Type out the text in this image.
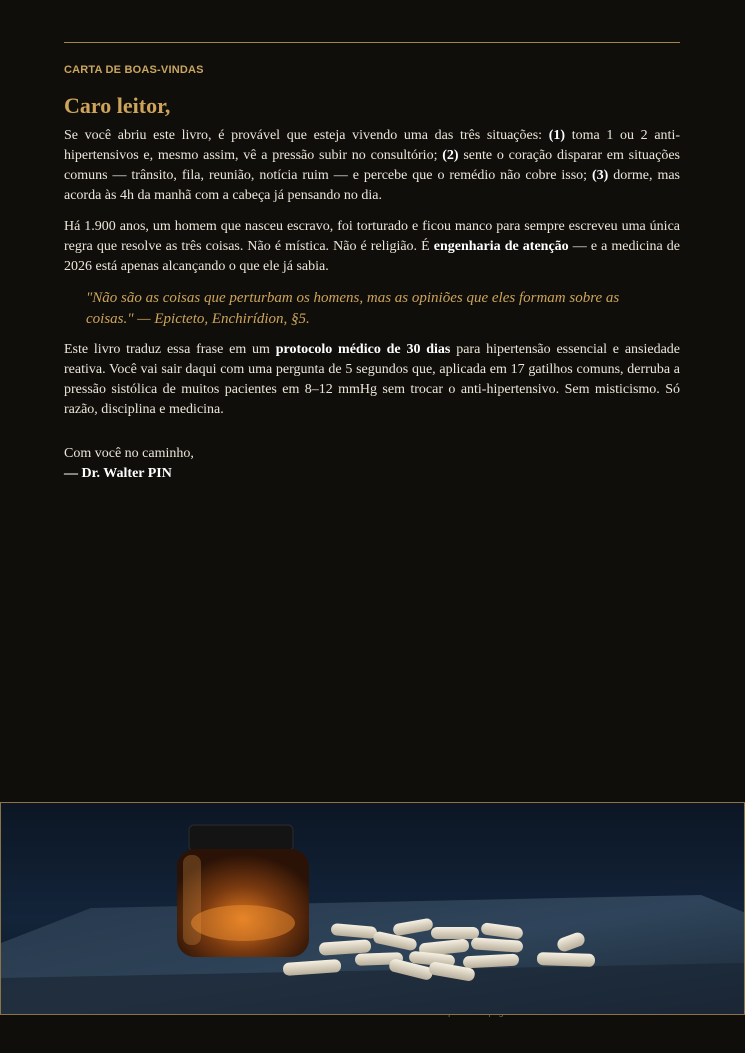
CARTA DE BOAS-VINDAS
Caro leitor,

Se você abriu este livro, é provável que esteja vivendo uma das três situações: (1) toma 1 ou 2 anti-hipertensivos e, mesmo assim, vê a pressão subir no consultório; (2) sente o coração disparar em situações comuns — trânsito, fila, reunião, notícia ruim — e percebe que o remédio não cobre isso; (3) dorme, mas acorda às 4h da manhã com a cabeça já pensando no dia.

Há 1.900 anos, um homem que nasceu escravo, foi torturado e ficou manco para sempre escreveu uma única regra que resolve as três coisas. Não é mística. Não é religião. É engenharia de atenção — e a medicina de 2026 está apenas alcançando o que ele já sabia.

"Não são as coisas que perturbam os homens, mas as opiniões que eles formam sobre as coisas." — Epicteto, Enchirídion, §5.

Este livro traduz essa frase em um protocolo médico de 30 dias para hipertensão essencial e ansiedade reativa. Você vai sair daqui com uma pergunta de 5 segundos que, aplicada em 17 gatilhos comuns, derruba a pressão sistólica de muitos pacientes em 8–12 mmHg sem trocar o anti-hipertensivo. Sem misticismo. Só razão, disciplina e medicina.

Com você no caminho,
— Dr. Walter PIN
